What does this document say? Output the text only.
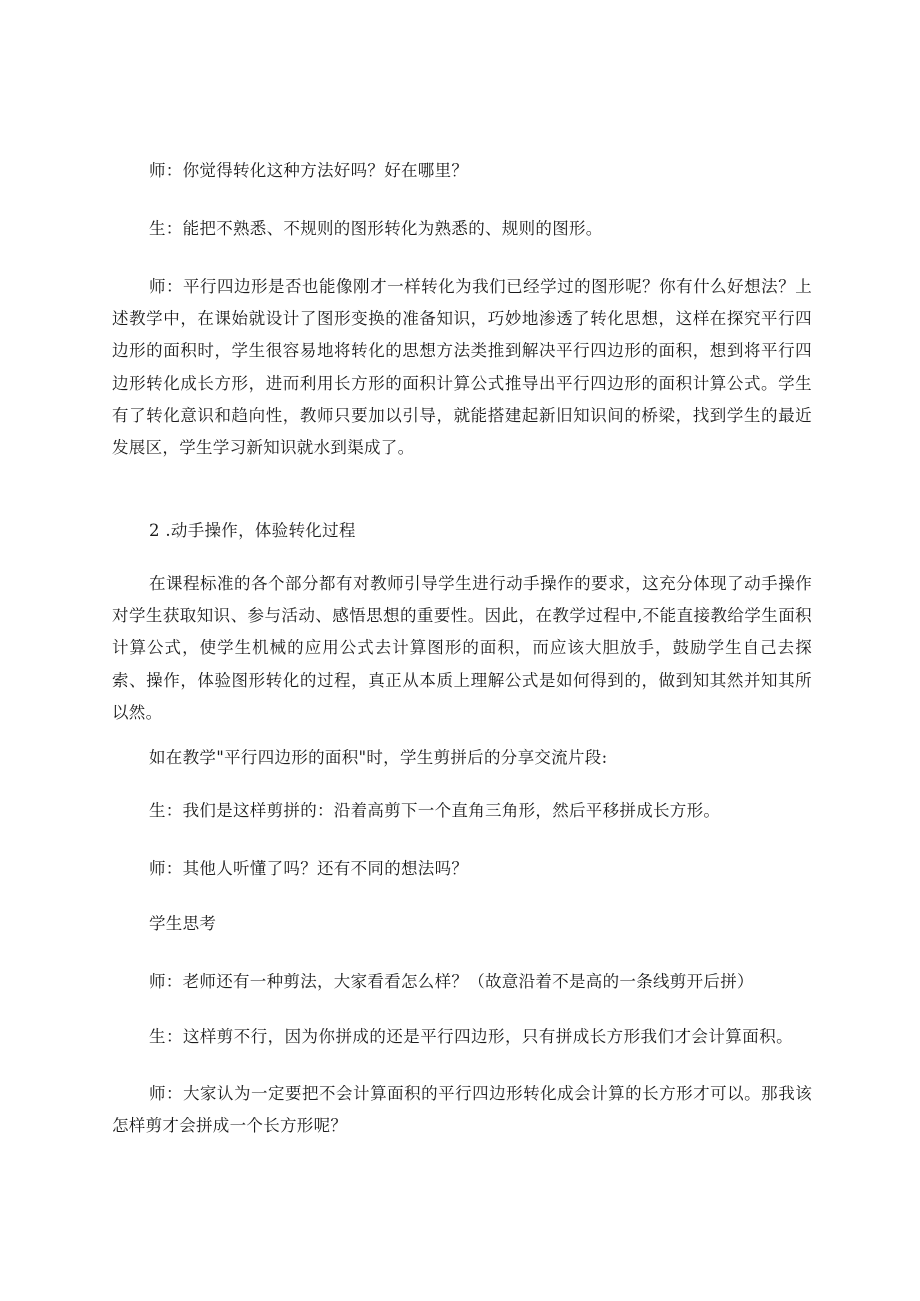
师：你觉得转化这种方法好吗？好在哪里？

生：能把不熟悉、不规则的图形转化为熟悉的、规则的图形。

师：平行四边形是否也能像刚才一样转化为我们已经学过的图形呢？你有什么好想法？上述教学中，在课始就设计了图形变换的准备知识，巧妙地渗透了转化思想，这样在探究平行四边形的面积时，学生很容易地将转化的思想方法类推到解决平行四边形的面积，想到将平行四边形转化成长方形，进而利用长方形的面积计算公式推导出平行四边形的面积计算公式。学生有了转化意识和趋向性，教师只要加以引导，就能搭建起新旧知识间的桥梁，找到学生的最近发展区，学生学习新知识就水到渠成了。

2 .动手操作，体验转化过程

在课程标准的各个部分都有对教师引导学生进行动手操作的要求，这充分体现了动手操作对学生获取知识、参与活动、感悟思想的重要性。因此，在教学过程中,不能直接教给学生面积计算公式，使学生机械的应用公式去计算图形的面积，而应该大胆放手，鼓励学生自己去探索、操作，体验图形转化的过程，真正从本质上理解公式是如何得到的，做到知其然并知其所以然。

如在教学"平行四边形的面积"时，学生剪拼后的分享交流片段:

生：我们是这样剪拼的：沿着高剪下一个直角三角形，然后平移拼成长方形。

师：其他人听懂了吗？还有不同的想法吗？

学生思考

师：老师还有一种剪法，大家看看怎么样？（故意沿着不是高的一条线剪开后拼）

生：这样剪不行，因为你拼成的还是平行四边形，只有拼成长方形我们才会计算面积。

师：大家认为一定要把不会计算面积的平行四边形转化成会计算的长方形才可以。那我该怎样剪才会拼成一个长方形呢？
